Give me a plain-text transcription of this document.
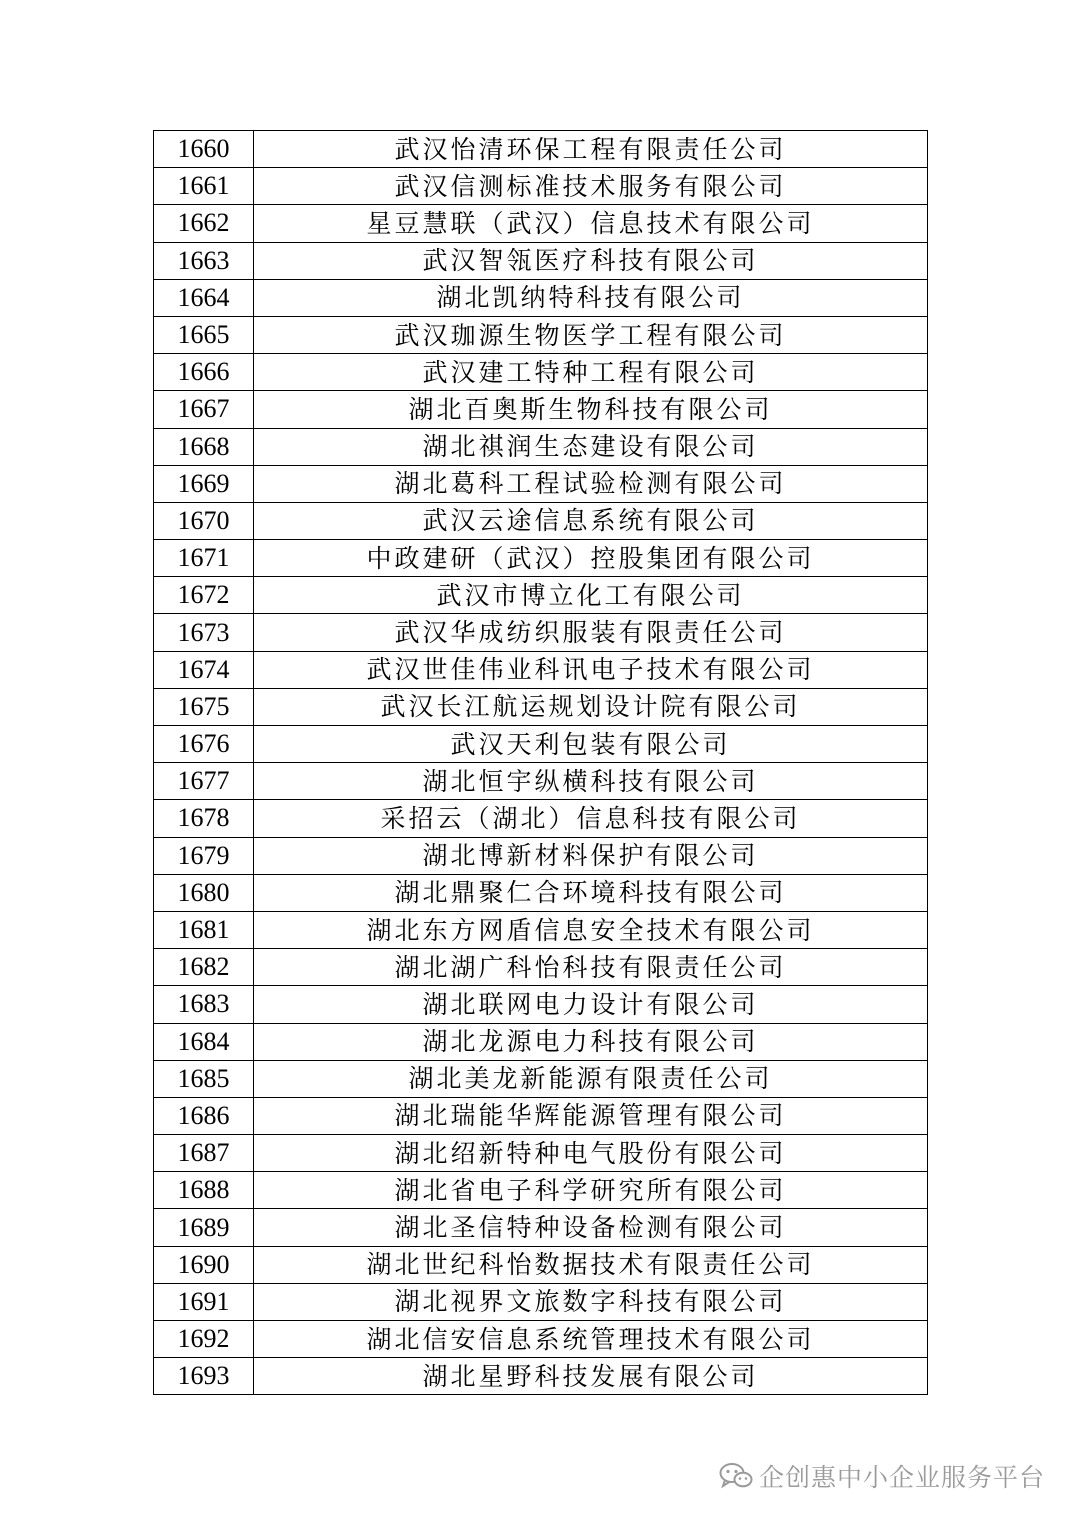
1660	武汉怡清环保工程有限责任公司
1661	武汉信测标准技术服务有限公司
1662	星豆慧联（武汉）信息技术有限公司
1663	武汉智瓴医疗科技有限公司
1664	湖北凯纳特科技有限公司
1665	武汉珈源生物医学工程有限公司
1666	武汉建工特种工程有限公司
1667	湖北百奥斯生物科技有限公司
1668	湖北祺润生态建设有限公司
1669	湖北葛科工程试验检测有限公司
1670	武汉云途信息系统有限公司
1671	中政建研（武汉）控股集团有限公司
1672	武汉市博立化工有限公司
1673	武汉华成纺织服装有限责任公司
1674	武汉世佳伟业科讯电子技术有限公司
1675	武汉长江航运规划设计院有限公司
1676	武汉天利包装有限公司
1677	湖北恒宇纵横科技有限公司
1678	采招云（湖北）信息科技有限公司
1679	湖北博新材料保护有限公司
1680	湖北鼎聚仁合环境科技有限公司
1681	湖北东方网盾信息安全技术有限公司
1682	湖北湖广科怡科技有限责任公司
1683	湖北联网电力设计有限公司
1684	湖北龙源电力科技有限公司
1685	湖北美龙新能源有限责任公司
1686	湖北瑞能华辉能源管理有限公司
1687	湖北绍新特种电气股份有限公司
1688	湖北省电子科学研究所有限公司
1689	湖北圣信特种设备检测有限公司
1690	湖北世纪科怡数据技术有限责任公司
1691	湖北视界文旅数字科技有限公司
1692	湖北信安信息系统管理技术有限公司
1693	湖北星野科技发展有限公司
企创惠中小企业服务平台
